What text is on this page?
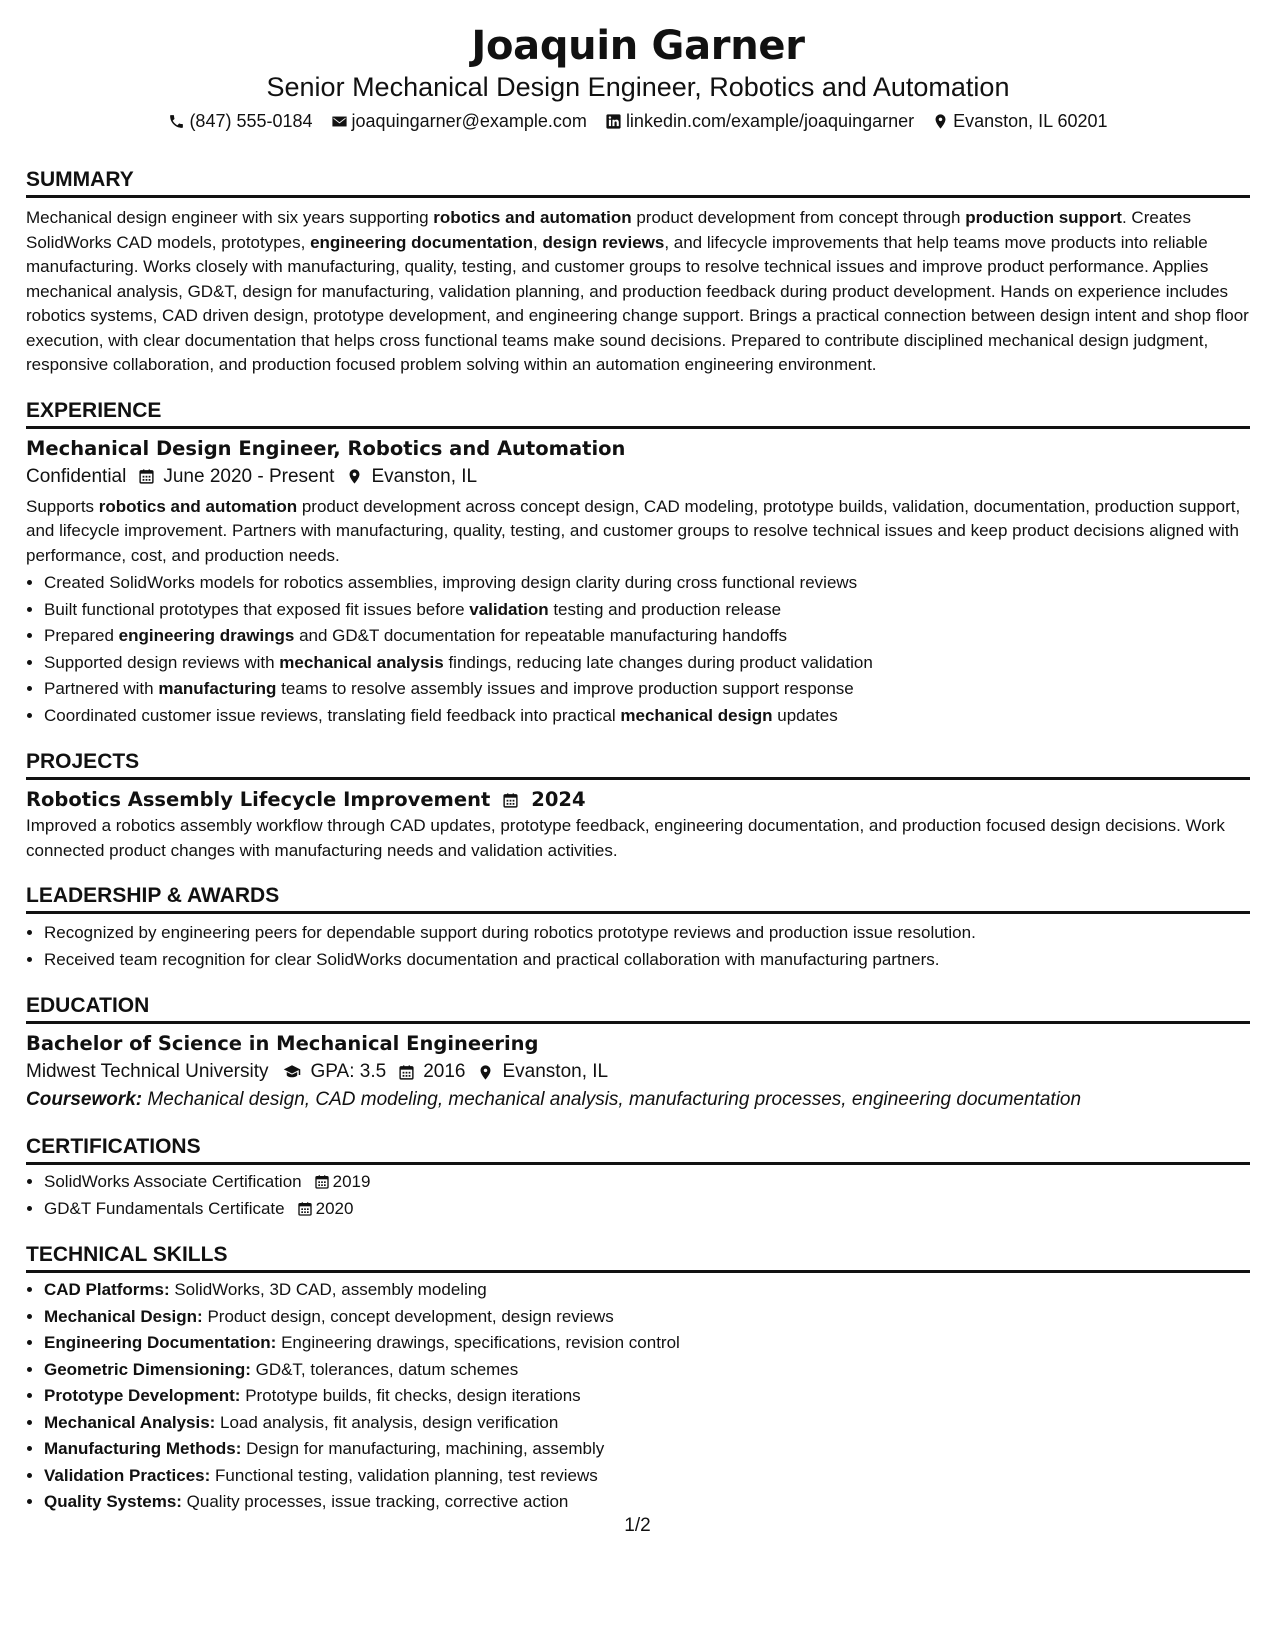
Joaquin Garner
Senior Mechanical Design Engineer, Robotics and Automation
(847) 555-0184 joaquingarner@example.com linkedin.com/example/joaquingarner Evanston, IL 60201
SUMMARY

Mechanical design engineer with six years supporting robotics and automation product development from concept through production support. Creates SolidWorks CAD models, prototypes, engineering documentation, design reviews, and lifecycle improvements that help teams move products into reliable manufacturing. Works closely with manufacturing, quality, testing, and customer groups to resolve technical issues and improve product performance. Applies mechanical analysis, GD&T, design for manufacturing, validation planning, and production feedback during product development. Hands on experience includes robotics systems, CAD driven design, prototype development, and engineering change support. Brings a practical connection between design intent and shop floor execution, with clear documentation that helps cross functional teams make sound decisions. Prepared to contribute disciplined mechanical design judgment, responsive collaboration, and production focused problem solving within an automation engineering environment.

EXPERIENCE
Mechanical Design Engineer, Robotics and Automation
Confidential June 2020 - Present Evanston, IL

Supports robotics and automation product development across concept design, CAD modeling, prototype builds, validation, documentation, production support, and lifecycle improvement. Partners with manufacturing, quality, testing, and customer groups to resolve technical issues and keep product decisions aligned with performance, cost, and production needs.

• Created SolidWorks models for robotics assemblies, improving design clarity during cross functional reviews
• Built functional prototypes that exposed fit issues before validation testing and production release
• Prepared engineering drawings and GD&T documentation for repeatable manufacturing handoffs
• Supported design reviews with mechanical analysis findings, reducing late changes during product validation
• Partnered with manufacturing teams to resolve assembly issues and improve production support response
• Coordinated customer issue reviews, translating field feedback into practical mechanical design updates
PROJECTS
Robotics Assembly Lifecycle Improvement 2024

Improved a robotics assembly workflow through CAD updates, prototype feedback, engineering documentation, and production focused design decisions. Work connected product changes with manufacturing needs and validation activities.

LEADERSHIP & AWARDS
• Recognized by engineering peers for dependable support during robotics prototype reviews and production issue resolution.
• Received team recognition for clear SolidWorks documentation and practical collaboration with manufacturing partners.
EDUCATION
Bachelor of Science in Mechanical Engineering
Midwest Technical University GPA: 3.5 2016 Evanston, IL
Coursework: Mechanical design, CAD modeling, mechanical analysis, manufacturing processes, engineering documentation
CERTIFICATIONS
• SolidWorks Associate Certification 2019
• GD&T Fundamentals Certificate 2020
TECHNICAL SKILLS
• CAD Platforms: SolidWorks, 3D CAD, assembly modeling
• Mechanical Design: Product design, concept development, design reviews
• Engineering Documentation: Engineering drawings, specifications, revision control
• Geometric Dimensioning: GD&T, tolerances, datum schemes
• Prototype Development: Prototype builds, fit checks, design iterations
• Mechanical Analysis: Load analysis, fit analysis, design verification
• Manufacturing Methods: Design for manufacturing, machining, assembly
• Validation Practices: Functional testing, validation planning, test reviews
• Quality Systems: Quality processes, issue tracking, corrective action
1/2
